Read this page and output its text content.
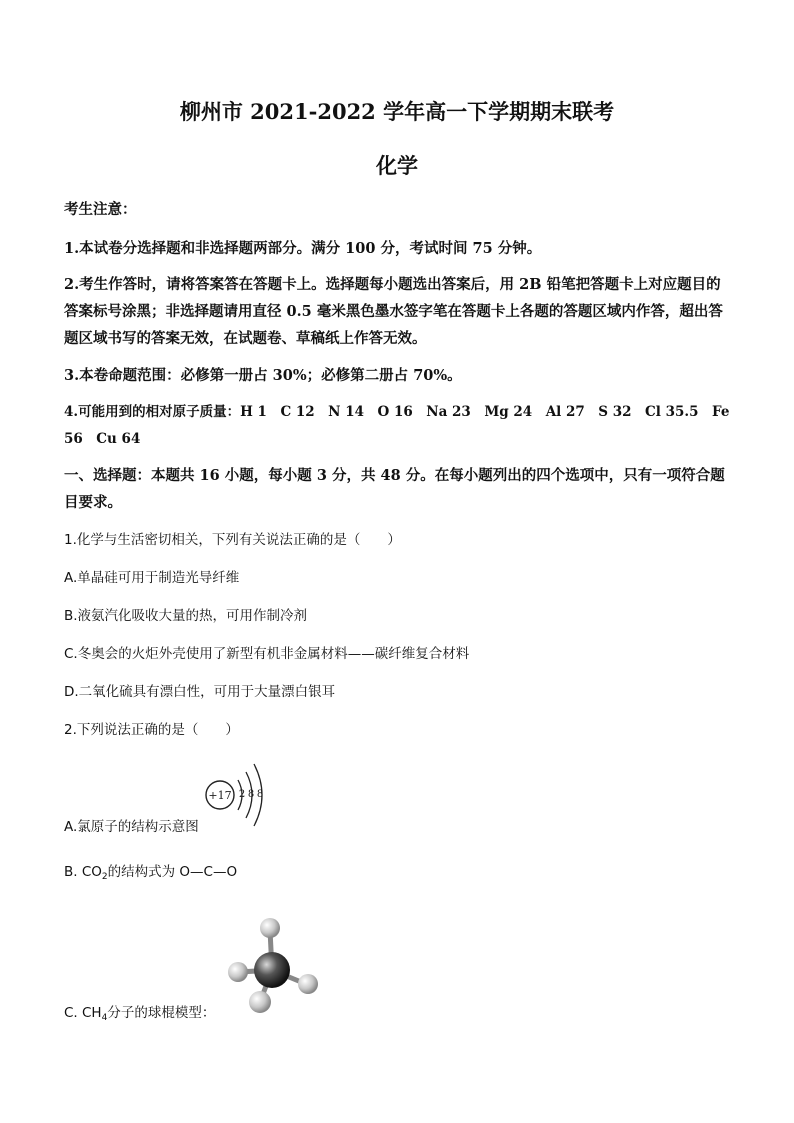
柳州市 2021-2022 学年高一下学期期末联考
化学
考生注意：
1.本试卷分选择题和非选择题两部分。满分 100 分，考试时间 75 分钟。
2.考生作答时，请将答案答在答题卡上。选择题每小题选出答案后，用 2B 铅笔把答题卡上对应题目的答案标号涂黑；非选择题请用直径 0.5 毫米黑色墨水签字笔在答题卡上各题的答题区域内作答，超出答题区域书写的答案无效，在试题卷、草稿纸上作答无效。
3.本卷命题范围：必修第一册占 30%；必修第二册占 70%。
4.可能用到的相对原子质量：H 1　C 12　N 14　O 16　Na 23　Mg 24　Al 27　S 32　Cl 35.5　Fe 56　Cu 64
一、选择题：本题共 16 小题，每小题 3 分，共 48 分。在每小题列出的四个选项中，只有一项符合题目要求。
1.化学与生活密切相关，下列有关说法正确的是（　　）
A.单晶硅可用于制造光导纤维
B.液氨汽化吸收大量的热，可用作制冷剂
C.冬奥会的火炬外壳使用了新型有机非金属材料——碳纤维复合材料
D.二氧化硫具有漂白性，可用于大量漂白银耳
2.下列说法正确的是（　　）
+17 2 8 8
A.氯原子的结构示意图
B. $CO_2$的结构式为 O—C—O
C. $CH_4$分子的球棍模型：
